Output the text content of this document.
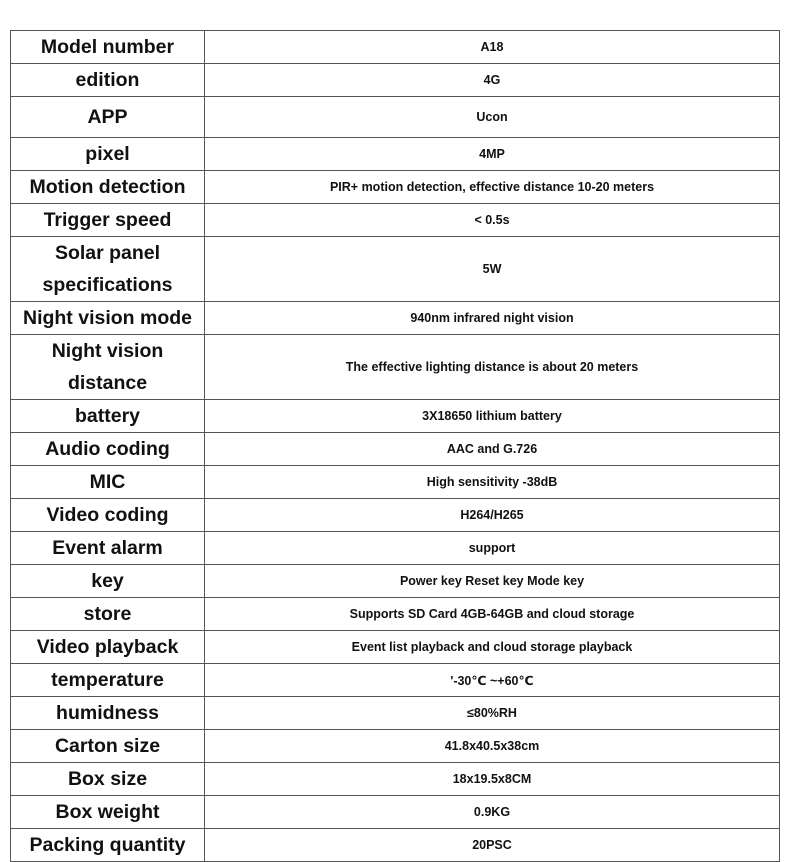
Model number	A18
edition	4G
APP	Ucon
pixel	4MP
Motion detection	PIR+ motion detection, effective distance 10-20 meters
Trigger speed	< 0.5s

Solar panel
specifications	5W
Night vision mode	940nm infrared night vision

Night vision
distance	The effective lighting distance is about 20 meters
battery	3X18650 lithium battery
Audio coding	AAC and G.726
MIC	High sensitivity -38dB
Video coding	H264/H265
Event alarm	support
key	Power key Reset key Mode key
store	Supports SD Card 4GB-64GB and cloud storage
Video playback	Event list playback and cloud storage playback
temperature	'-30℃ ~+60℃
humidness	≤80%RH
Carton size	41.8x40.5x38cm
Box size	18x19.5x8CM
Box weight	0.9KG
Packing quantity	20PSC
